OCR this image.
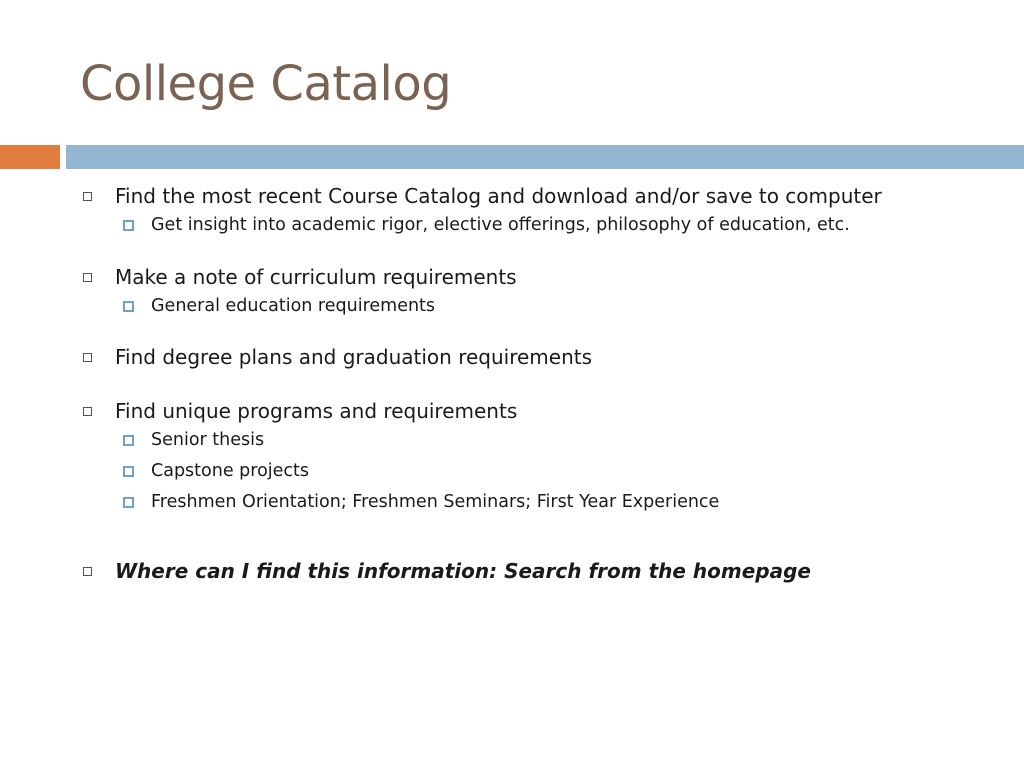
College Catalog
Find the most recent Course Catalog and download and/or save to computer
Get insight into academic rigor, elective offerings, philosophy of education, etc.
Make a note of curriculum requirements
General education requirements
Find degree plans and graduation requirements
Find unique programs and requirements
Senior thesis
Capstone projects
Freshmen Orientation; Freshmen Seminars; First Year Experience
Where can I find this information: Search from the homepage
